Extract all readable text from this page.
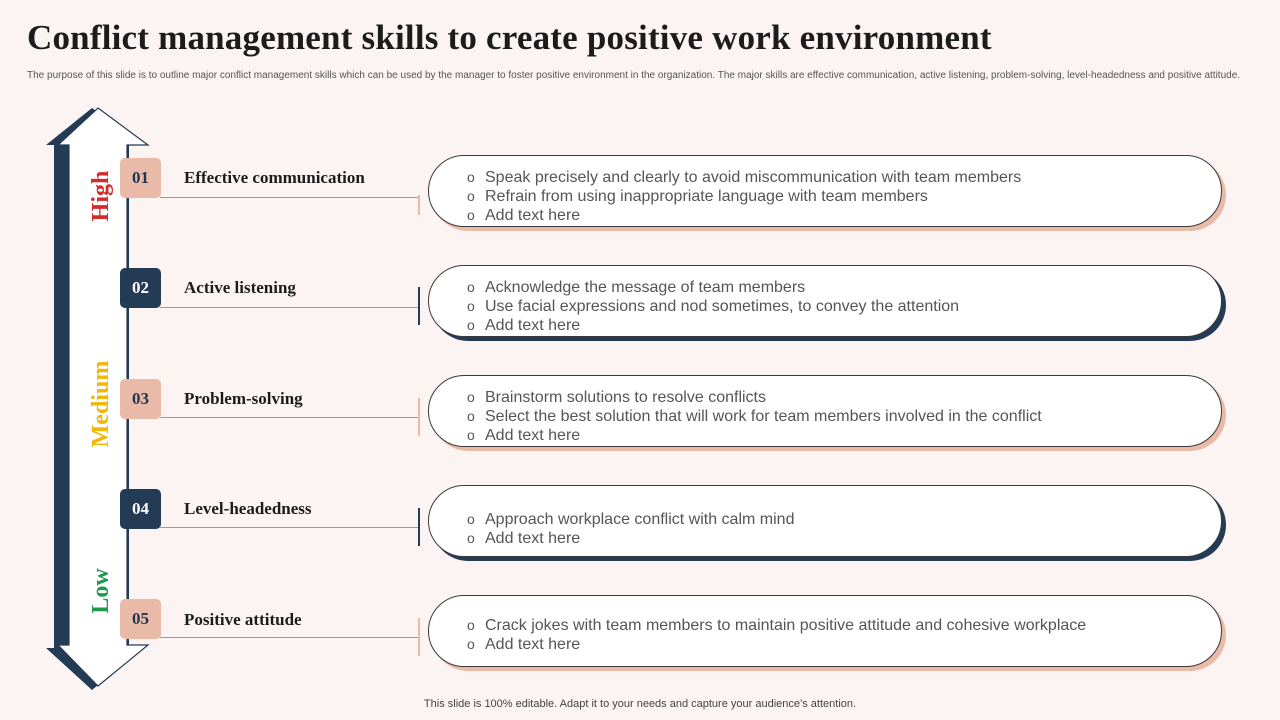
Conflict management skills to create positive work environment
The purpose of this slide is to outline major conflict management skills which can be used by the manager to foster positive environment in the organization. The major skills are effective communication, active listening, problem-solving, level-headedness and positive attitude.
High
Medium
Low
01	Effective communication	o Speak precisely and clearly to avoid miscommunication with team members
o Refrain from using inappropriate language with team members
o Add text here
02	Active listening	o Acknowledge the message of team members
o Use facial expressions and nod sometimes, to convey the attention
o Add text here
03	Problem-solving	o Brainstorm solutions to resolve conflicts
o Select the best solution that will work for team members involved in the conflict
o Add text here
04	Level-headedness
o Approach workplace conflict with calm mind
o Add text here
05	Positive attitude	o Crack jokes with team members to maintain positive attitude and cohesive workplace
o Add text here
This slide is 100% editable. Adapt it to your needs and capture your audience’s attention.
